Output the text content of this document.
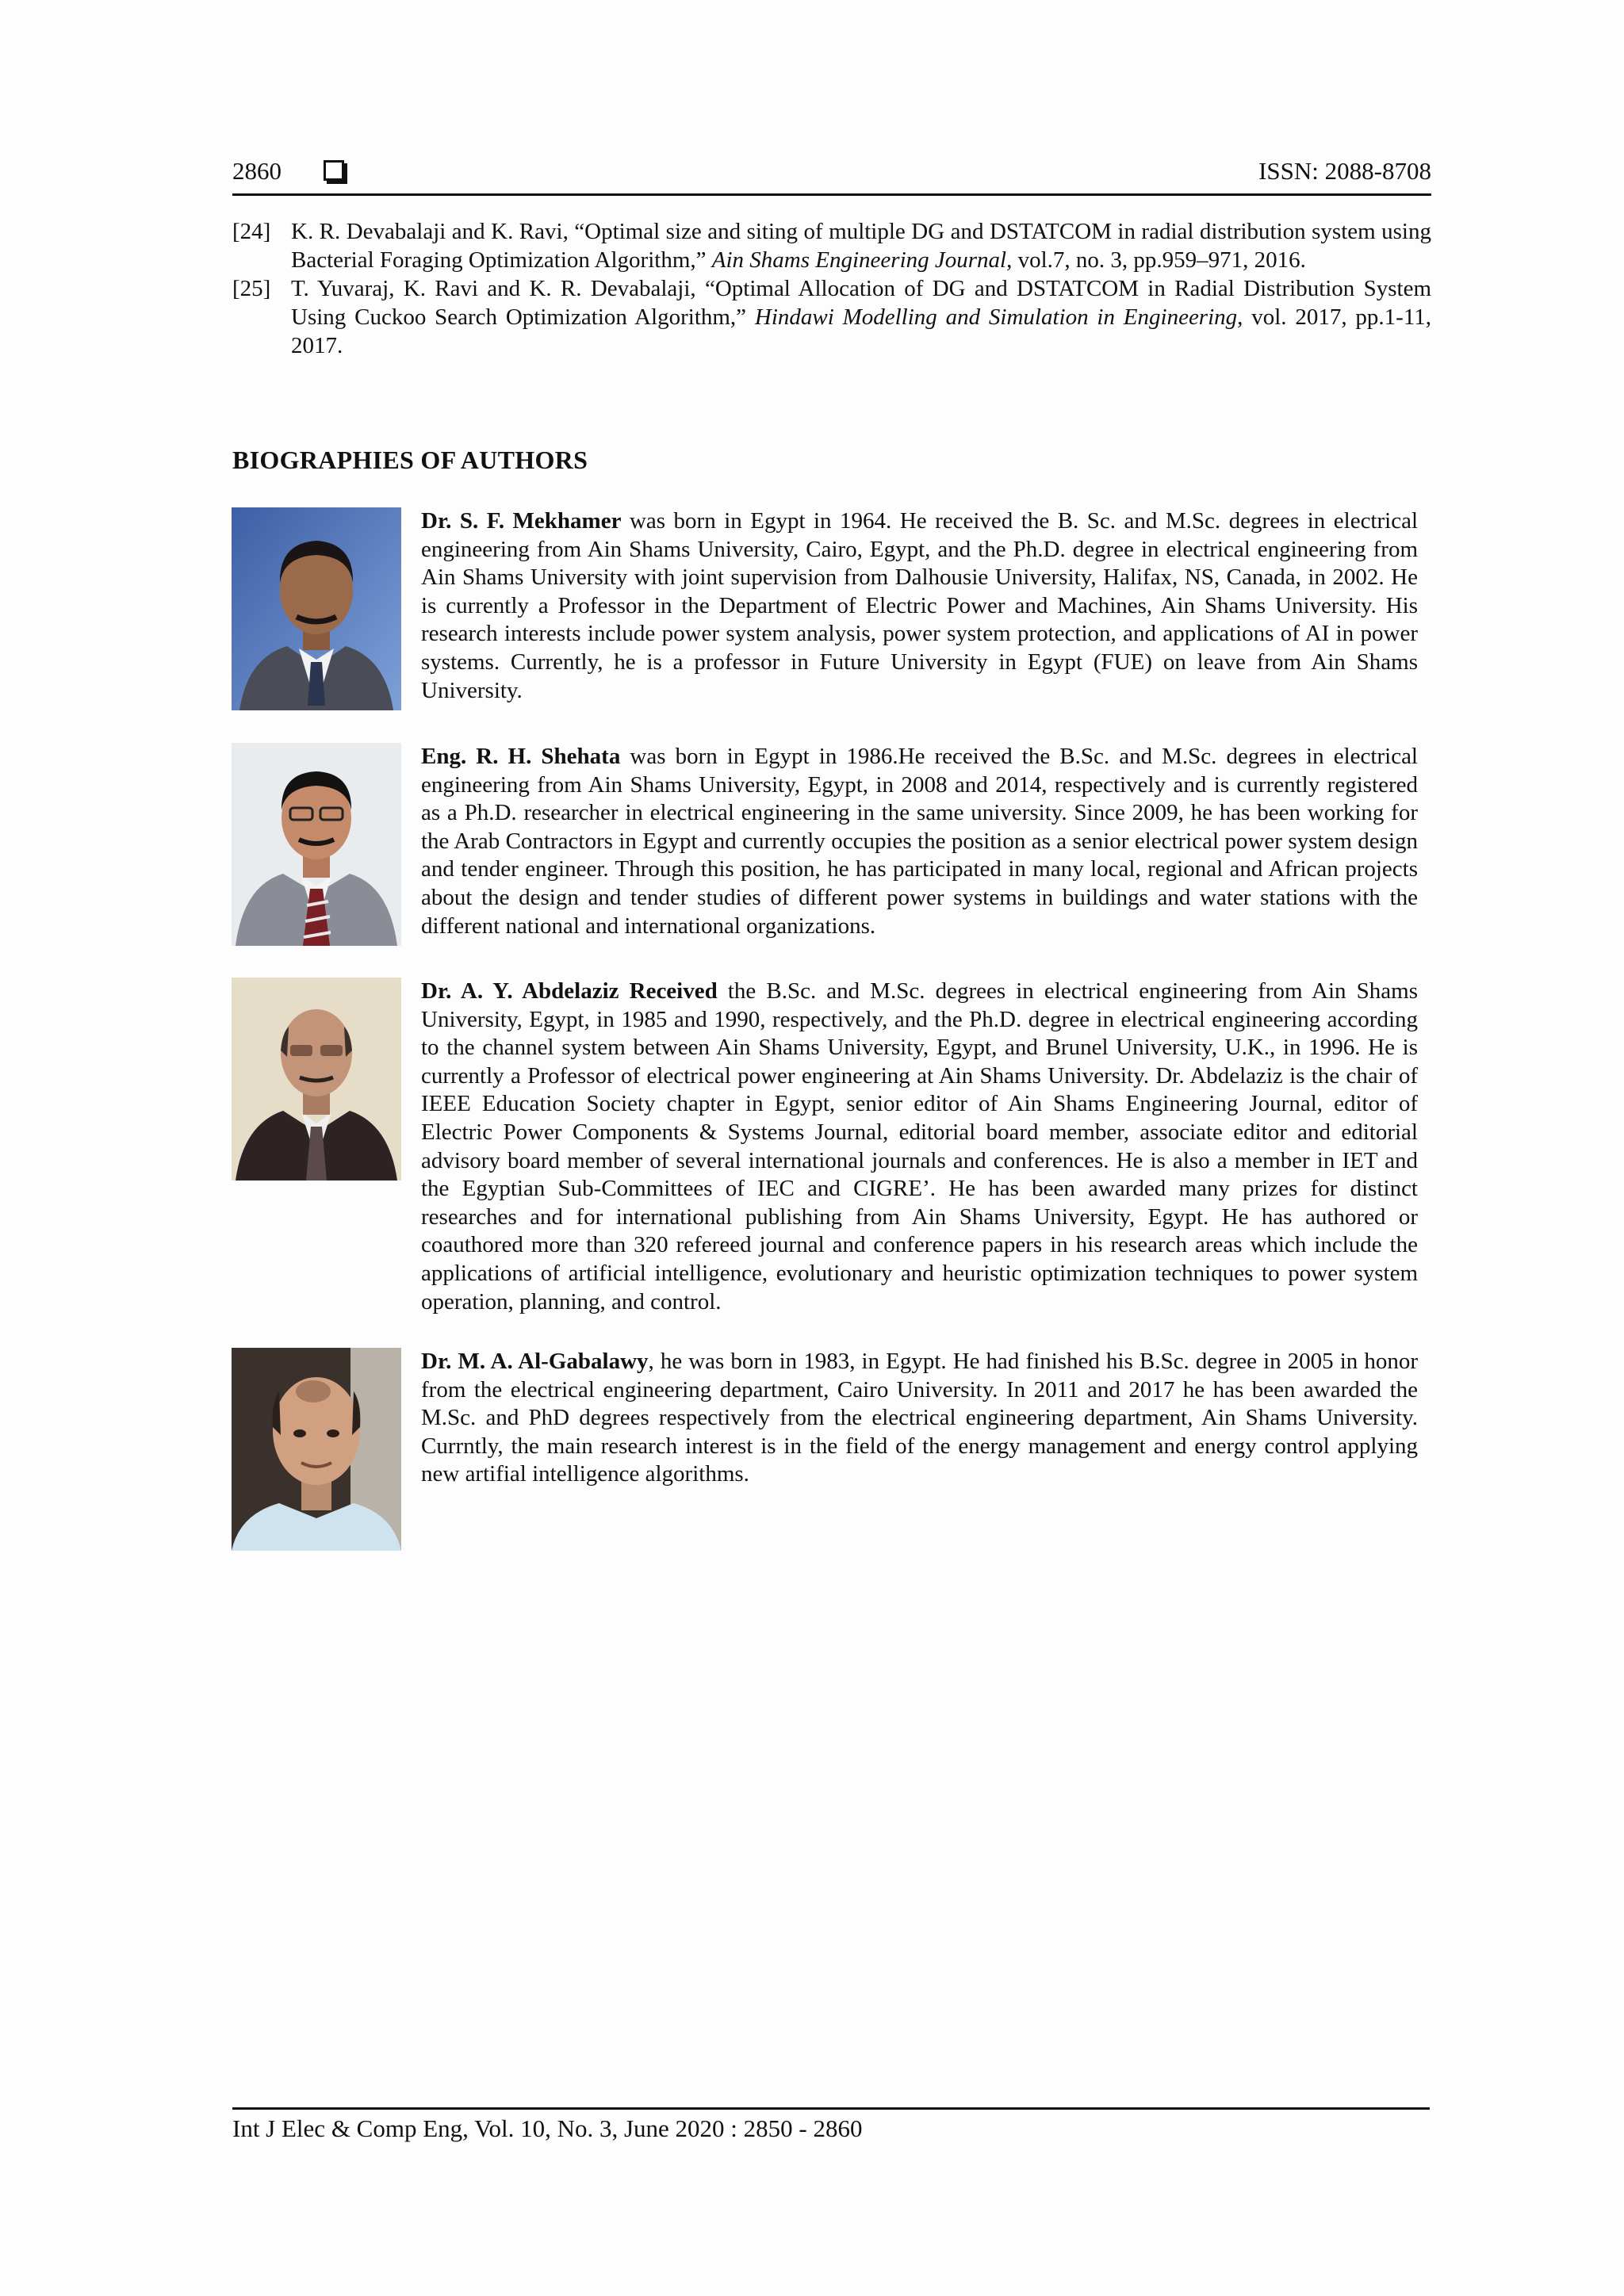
2860	ISSN: 2088-8708
[24] K. R. Devabalaji and K. Ravi, “Optimal size and siting of multiple DG and DSTATCOM in radial distribution system using Bacterial Foraging Optimization Algorithm,” Ain Shams Engineering Journal, vol.7, no. 3, pp.959–971, 2016.
[25] T. Yuvaraj, K. Ravi and K. R. Devabalaji, “Optimal Allocation of DG and DSTATCOM in Radial Distribution System Using Cuckoo Search Optimization Algorithm,” Hindawi Modelling and Simulation in Engineering, vol. 2017, pp.1-11, 2017.
BIOGRAPHIES OF AUTHORS
Dr. S. F. Mekhamer was born in Egypt in 1964. He received the B. Sc. and M.Sc. degrees in electrical engineering from Ain Shams University, Cairo, Egypt, and the Ph.D. degree in electrical engineering from Ain Shams University with joint supervision from Dalhousie University, Halifax, NS, Canada, in 2002. He is currently a Professor in the Department of Electric Power and Machines, Ain Shams University. His research interests include power system analysis, power system protection, and applications of AI in power systems. Currently, he is a professor in Future University in Egypt (FUE) on leave from Ain Shams University.
Eng. R. H. Shehata was born in Egypt in 1986.He received the B.Sc. and M.Sc. degrees in electrical engineering from Ain Shams University, Egypt, in 2008 and 2014, respectively and is currently registered as a Ph.D. researcher in electrical engineering in the same university. Since 2009, he has been working for the Arab Contractors in Egypt and currently occupies the position as a senior electrical power system design and tender engineer. Through this position, he has participated in many local, regional and African projects about the design and tender studies of different power systems in buildings and water stations with the different national and international organizations.
Dr. A. Y. Abdelaziz Received the B.Sc. and M.Sc. degrees in electrical engineering from Ain Shams University, Egypt, in 1985 and 1990, respectively, and the Ph.D. degree in electrical engineering according to the channel system between Ain Shams University, Egypt, and Brunel University, U.K., in 1996. He is currently a Professor of electrical power engineering at Ain Shams University. Dr. Abdelaziz is the chair of IEEE Education Society chapter in Egypt, senior editor of Ain Shams Engineering Journal, editor of Electric Power Components & Systems Journal, editorial board member, associate editor and editorial advisory board member of several international journals and conferences. He is also a member in IET and the Egyptian Sub-Committees of IEC and CIGRE’. He has been awarded many prizes for distinct researches and for international publishing from Ain Shams University, Egypt. He has authored or coauthored more than 320 refereed journal and conference papers in his research areas which include the applications of artificial intelligence, evolutionary and heuristic optimization techniques to power system operation, planning, and control.
Dr. M. A. Al-Gabalawy, he was born in 1983, in Egypt. He had finished his B.Sc. degree in 2005 in honor from the electrical engineering department, Cairo University. In 2011 and 2017 he has been awarded the M.Sc. and PhD degrees respectively from the electrical engineering department, Ain Shams University. Currntly, the main research interest is in the field of the energy management and energy control applying new artifial intelligence algorithms.
Int J Elec & Comp Eng, Vol. 10, No. 3, June 2020 : 2850 - 2860
